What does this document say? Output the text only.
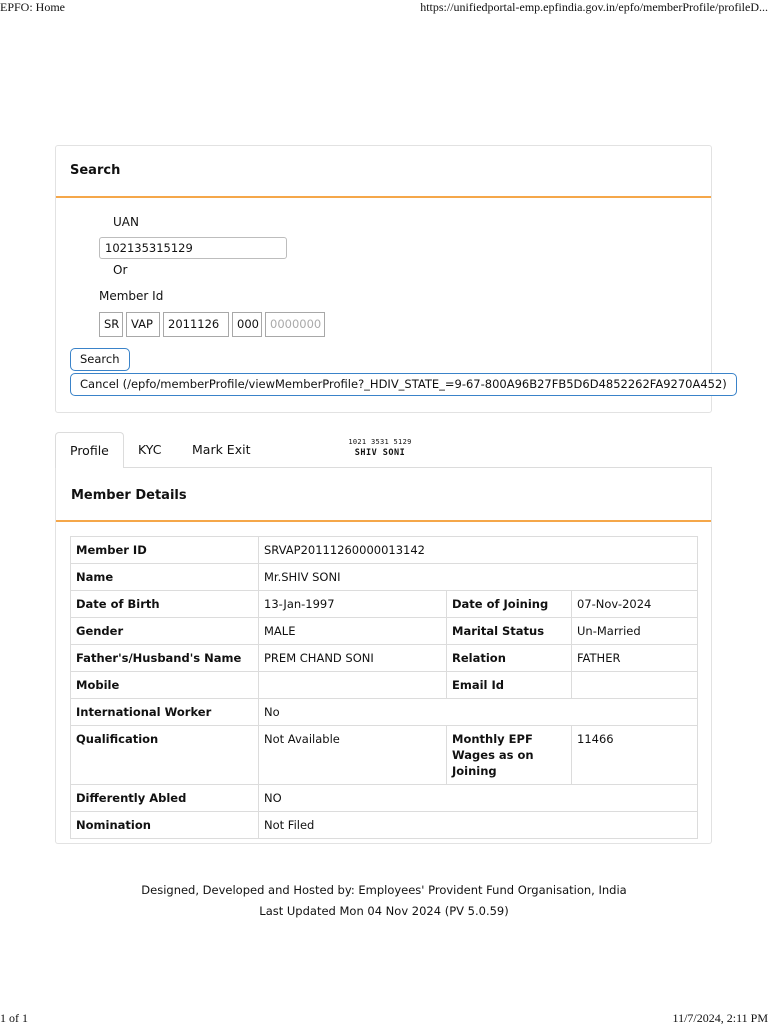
EPFO: Home	https://unifiedportal-emp.epfindia.gov.in/epfo/memberProfile/profileD...
Search
UAN
102135315129
Or
Member Id
SR	VAP	2011126	000 0000000
Search
Cancel (/epfo/memberProfile/viewMemberProfile?_HDIV_STATE_=9-67-800A96B27FB5D6D4852262FA9270A452)
Profile	KYC	Mark Exit	1021 3531 5129
SHIV SONI
Member Details
Member ID	SRVAP20111260000013142		
Name	Mr.SHIV SONI		
Date of Birth	13-Jan-1997	Date of Joining	07-Nov-2024
Gender	MALE	Marital Status	Un-Married
Father's/Husband's Name	PREM CHAND SONI	Relation	FATHER
Mobile		Email Id	
International Worker	No		
Qualification	Not Available	Monthly EPF Wages as on Joining	11466
Differently Abled	NO		
Nomination	Not Filed		
Designed, Developed and Hosted by: Employees' Provident Fund Organisation, India
Last Updated Mon 04 Nov 2024 (PV 5.0.59)
1 of 1	11/7/2024, 2:11 PM
